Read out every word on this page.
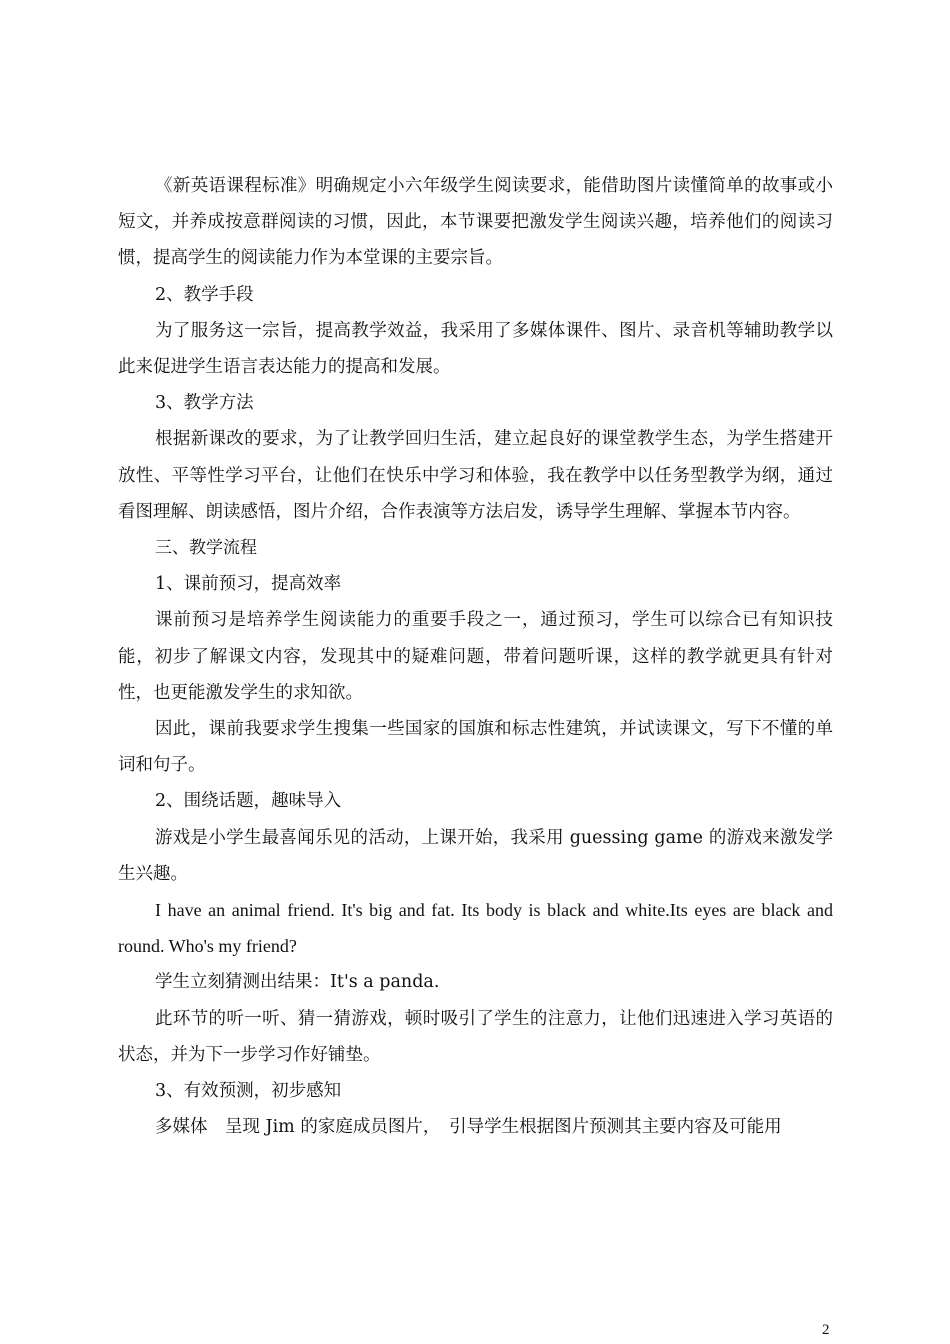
《新英语课程标准》明确规定小六年级学生阅读要求，能借助图片读懂简单的故事或小短文，并养成按意群阅读的习惯，因此，本节课要把激发学生阅读兴趣，培养他们的阅读习惯，提高学生的阅读能力作为本堂课的主要宗旨。

2、教学手段

为了服务这一宗旨，提高教学效益，我采用了多媒体课件、图片、录音机等辅助教学以此来促进学生语言表达能力的提高和发展。

3、教学方法

根据新课改的要求，为了让教学回归生活，建立起良好的课堂教学生态，为学生搭建开放性、平等性学习平台，让他们在快乐中学习和体验，我在教学中以任务型教学为纲，通过看图理解、朗读感悟，图片介绍，合作表演等方法启发，诱导学生理解、掌握本节内容。

三、教学流程

1、课前预习，提高效率

课前预习是培养学生阅读能力的重要手段之一，通过预习，学生可以综合已有知识技能，初步了解课文内容，发现其中的疑难问题，带着问题听课，这样的教学就更具有针对性，也更能激发学生的求知欲。

因此，课前我要求学生搜集一些国家的国旗和标志性建筑，并试读课文，写下不懂的单词和句子。

2、围绕话题，趣味导入

游戏是小学生最喜闻乐见的活动，上课开始，我采用 guessing game 的游戏来激发学生兴趣。

I have an animal friend. It's big and fat. Its body is black and white.Its eyes are black and round. Who's my friend?

学生立刻猜测出结果：It's a panda.

此环节的听一听、猜一猜游戏，顿时吸引了学生的注意力，让他们迅速进入学习英语的状态，并为下一步学习作好铺垫。

3、有效预测，初步感知

多媒体　呈现 Jim 的家庭成员图片，　引导学生根据图片预测其主要内容及可能用

2
